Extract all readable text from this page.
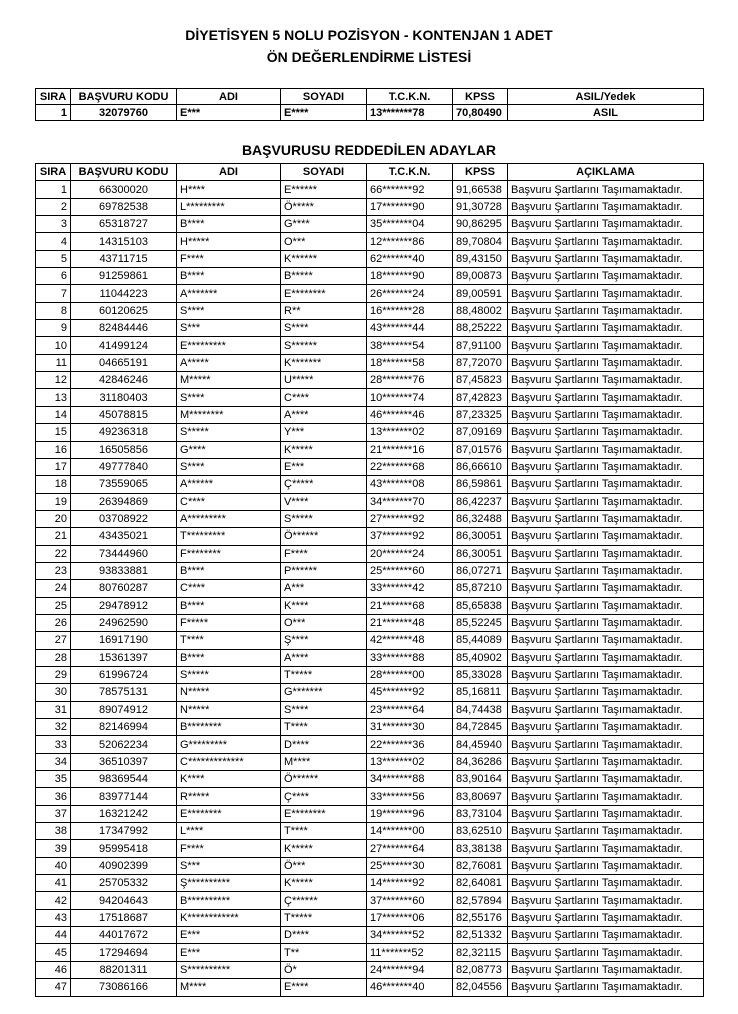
DİYETİSYEN 5 NOLU POZİSYON - KONTENJAN 1 ADET
ÖN DEĞERLENDİRME LİSTESİ
SIRA	BAŞVURU KODU	ADI	SOYADI	T.C.K.N.	KPSS	ASIL/Yedek
1	32079760	E***	E****	13*******78	70,80490	ASIL
BAŞVURUSU REDDEDİLEN ADAYLAR
SIRA	BAŞVURU KODU	ADI	SOYADI	T.C.K.N.	KPSS	AÇIKLAMA
1	66300020	H****	E******	66*******92	91,66538	Başvuru Şartlarını Taşımamaktadır.
2	69782538	L*********	Ö*****	17*******90	91,30728	Başvuru Şartlarını Taşımamaktadır.
3	65318727	B****	G****	35*******04	90,86295	Başvuru Şartlarını Taşımamaktadır.
4	14315103	H*****	O***	12*******86	89,70804	Başvuru Şartlarını Taşımamaktadır.
5	43711715	F****	K******	62*******40	89,43150	Başvuru Şartlarını Taşımamaktadır.
6	91259861	B****	B*****	18*******90	89,00873	Başvuru Şartlarını Taşımamaktadır.
7	11044223	A*******	E********	26*******24	89,00591	Başvuru Şartlarını Taşımamaktadır.
8	60120625	S****	R**	16*******28	88,48002	Başvuru Şartlarını Taşımamaktadır.
9	82484446	S***	S****	43*******44	88,25222	Başvuru Şartlarını Taşımamaktadır.
10	41499124	E*********	S******	38*******54	87,91100	Başvuru Şartlarını Taşımamaktadır.
11	04665191	A*****	K*******	18*******58	87,72070	Başvuru Şartlarını Taşımamaktadır.
12	42846246	M*****	U*****	28*******76	87,45823	Başvuru Şartlarını Taşımamaktadır.
13	31180403	S****	C****	10*******74	87,42823	Başvuru Şartlarını Taşımamaktadır.
14	45078815	M********	A****	46*******46	87,23325	Başvuru Şartlarını Taşımamaktadır.
15	49236318	S*****	Y***	13*******02	87,09169	Başvuru Şartlarını Taşımamaktadır.
16	16505856	G****	K*****	21*******16	87,01576	Başvuru Şartlarını Taşımamaktadır.
17	49777840	S****	E***	22*******68	86,66610	Başvuru Şartlarını Taşımamaktadır.
18	73559065	A******	Ç*****	43*******08	86,59861	Başvuru Şartlarını Taşımamaktadır.
19	26394869	C****	V****	34*******70	86,42237	Başvuru Şartlarını Taşımamaktadır.
20	03708922	A*********	S*****	27*******92	86,32488	Başvuru Şartlarını Taşımamaktadır.
21	43435021	T*********	Ö******	37*******92	86,30051	Başvuru Şartlarını Taşımamaktadır.
22	73444960	F********	F****	20*******24	86,30051	Başvuru Şartlarını Taşımamaktadır.
23	93833881	B****	P******	25*******60	86,07271	Başvuru Şartlarını Taşımamaktadır.
24	80760287	C****	A***	33*******42	85,87210	Başvuru Şartlarını Taşımamaktadır.
25	29478912	B****	K****	21*******68	85,65838	Başvuru Şartlarını Taşımamaktadır.
26	24962590	F*****	O***	21*******48	85,52245	Başvuru Şartlarını Taşımamaktadır.
27	16917190	T****	Ş****	42*******48	85,44089	Başvuru Şartlarını Taşımamaktadır.
28	15361397	B****	A****	33*******88	85,40902	Başvuru Şartlarını Taşımamaktadır.
29	61996724	S*****	T*****	28*******00	85,33028	Başvuru Şartlarını Taşımamaktadır.
30	78575131	N*****	G*******	45*******92	85,16811	Başvuru Şartlarını Taşımamaktadır.
31	89074912	N*****	S****	23*******64	84,74438	Başvuru Şartlarını Taşımamaktadır.
32	82146994	B********	T****	31*******30	84,72845	Başvuru Şartlarını Taşımamaktadır.
33	52062234	G*********	D****	22*******36	84,45940	Başvuru Şartlarını Taşımamaktadır.
34	36510397	C*************	M****	13*******02	84,36286	Başvuru Şartlarını Taşımamaktadır.
35	98369544	K****	Ö******	34*******88	83,90164	Başvuru Şartlarını Taşımamaktadır.
36	83977144	R*****	Ç****	33*******56	83,80697	Başvuru Şartlarını Taşımamaktadır.
37	16321242	E********	E********	19*******96	83,73104	Başvuru Şartlarını Taşımamaktadır.
38	17347992	L****	T****	14*******00	83,62510	Başvuru Şartlarını Taşımamaktadır.
39	95995418	F****	K*****	27*******64	83,38138	Başvuru Şartlarını Taşımamaktadır.
40	40902399	S***	Ö***	25*******30	82,76081	Başvuru Şartlarını Taşımamaktadır.
41	25705332	Ş**********	K*****	14*******92	82,64081	Başvuru Şartlarını Taşımamaktadır.
42	94204643	B**********	Ç******	37*******60	82,57894	Başvuru Şartlarını Taşımamaktadır.
43	17518687	K************	T*****	17*******06	82,55176	Başvuru Şartlarını Taşımamaktadır.
44	44017672	E***	D****	34*******52	82,51332	Başvuru Şartlarını Taşımamaktadır.
45	17294694	E***	T**	11*******52	82,32115	Başvuru Şartlarını Taşımamaktadır.
46	88201311	S**********	Ö*	24*******94	82,08773	Başvuru Şartlarını Taşımamaktadır.
47	73086166	M****	E****	46*******40	82,04556	Başvuru Şartlarını Taşımamaktadır.
